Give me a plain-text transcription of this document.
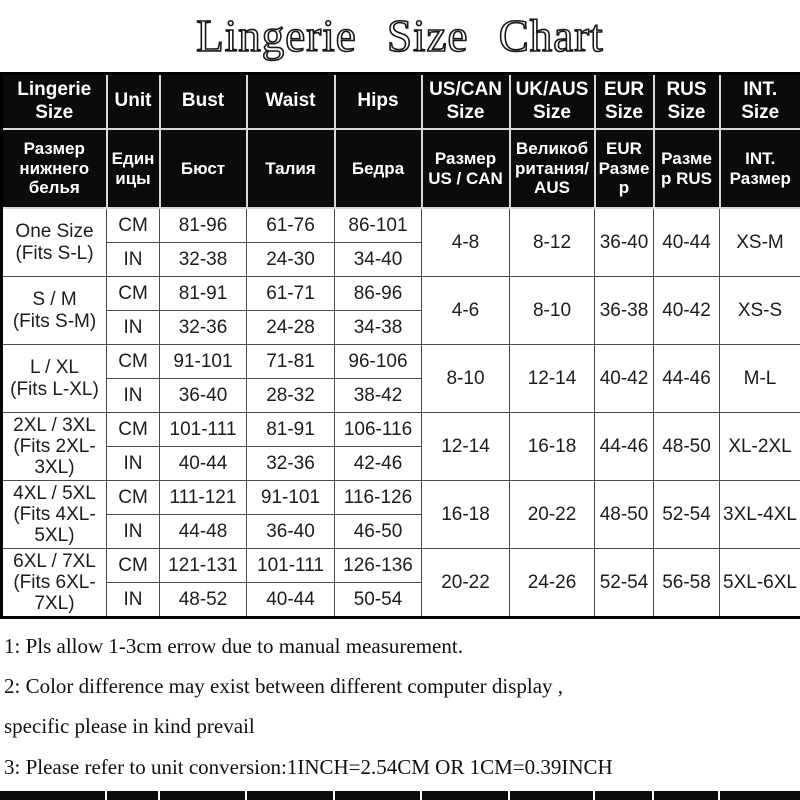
Lingerie Size Chart
Lingerie Size	Unit	Bust	Waist	Hips	US/CAN Size	UK/AUS Size	EUR Size	RUS Size	INT. Size
Размер нижнего белья	Единицы	Бюст	Талия	Бедра	Размер US / CAN	Великобритания/AUS	EUR Размер	Размер RUS	INT. Размер

One Size
(Fits S-L)	CM	81-96	61-76	86-101	4-8	8-12	36-40	40-44	XS-M
	IN	32-38	24-30	34-40					

S / M
(Fits S-M)	CM	81-91	61-71	86-96	4-6	8-10	36-38	40-42	XS-S
	IN	32-36	24-28	34-38					

L / XL
(Fits L-XL)	CM	91-101	71-81	96-106	8-10	12-14	40-42	44-46	M-L
	IN	36-40	28-32	38-42					

2XL / 3XL
(Fits 2XL-3XL)	CM	101-111	81-91	106-116	12-14	16-18	44-46	48-50	XL-2XL
	IN	40-44	32-36	42-46					

4XL / 5XL
(Fits 4XL-5XL)	CM	111-121	91-101	116-126	16-18	20-22	48-50	52-54	3XL-4XL
	IN	44-48	36-40	46-50					

6XL / 7XL
(Fits 6XL-7XL)	CM	121-131	101-111	126-136	20-22	24-26	52-54	56-58	5XL-6XL
	IN	48-52	40-44	50-54					

1: Pls allow 1-3cm errow due to manual measurement.

2: Color difference may exist between different computer display ,

specific please in kind prevail

3: Please refer to unit conversion:1INCH=2.54CM OR 1CM=0.39INCH
